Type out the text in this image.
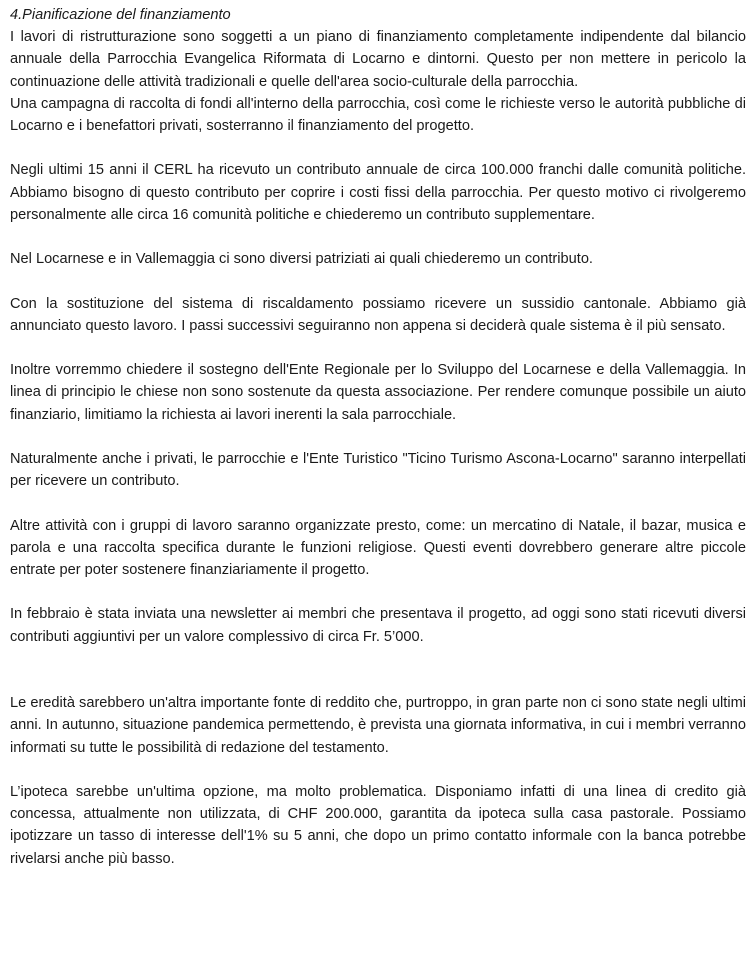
4.Pianificazione del finanziamento

I lavori di ristrutturazione sono soggetti a un piano di finanziamento completamente indipendente dal bilancio annuale della Parrocchia Evangelica Riformata di Locarno e dintorni. Questo per non mettere in pericolo la continuazione delle attività tradizionali e quelle dell'area socio-culturale della parrocchia.

Una campagna di raccolta di fondi all'interno della parrocchia, così come le richieste verso le autorità pubbliche di Locarno e i benefattori privati, sosterranno il finanziamento del progetto.

Negli ultimi 15 anni il CERL ha ricevuto un contributo annuale de circa 100.000 franchi dalle comunità politiche. Abbiamo bisogno di questo contributo per coprire i costi fissi della parrocchia. Per questo motivo ci rivolgeremo personalmente alle circa 16 comunità politiche e chiederemo un contributo supplementare.

Nel Locarnese e in Vallemaggia ci sono diversi patriziati ai quali chiederemo un contributo.

Con la sostituzione del sistema di riscaldamento possiamo ricevere un sussidio cantonale. Abbiamo già annunciato questo lavoro. I passi successivi seguiranno non appena si deciderà quale sistema è il più sensato.

Inoltre vorremmo chiedere il sostegno dell'Ente Regionale per lo Sviluppo del Locarnese e della Vallemaggia. In linea di principio le chiese non sono sostenute da questa associazione. Per rendere comunque possibile un aiuto finanziario, limitiamo la richiesta ai lavori inerenti la sala parrocchiale.

Naturalmente anche i privati, le parrocchie e l'Ente Turistico "Ticino Turismo Ascona-Locarno" saranno interpellati per ricevere un contributo.

Altre attività con i gruppi di lavoro saranno organizzate presto, come: un mercatino di Natale, il bazar, musica e parola e una raccolta specifica durante le funzioni religiose. Questi eventi dovrebbero generare altre piccole entrate per poter sostenere finanziariamente il progetto.

In febbraio è stata inviata una newsletter ai membri che presentava il progetto, ad oggi sono stati ricevuti diversi contributi aggiuntivi per un valore complessivo di circa Fr. 5’000.

Le eredità sarebbero un'altra importante fonte di reddito che, purtroppo, in gran parte non ci sono state negli ultimi anni. In autunno, situazione pandemica permettendo, è prevista una giornata informativa, in cui i membri verranno informati su tutte le possibilità di redazione del testamento.

L’ipoteca sarebbe un'ultima opzione, ma molto problematica. Disponiamo infatti di una linea di credito già concessa, attualmente non utilizzata, di CHF 200.000, garantita da ipoteca sulla casa pastorale. Possiamo ipotizzare un tasso di interesse dell'1% su 5 anni, che dopo un primo contatto informale con la banca potrebbe rivelarsi anche più basso.
